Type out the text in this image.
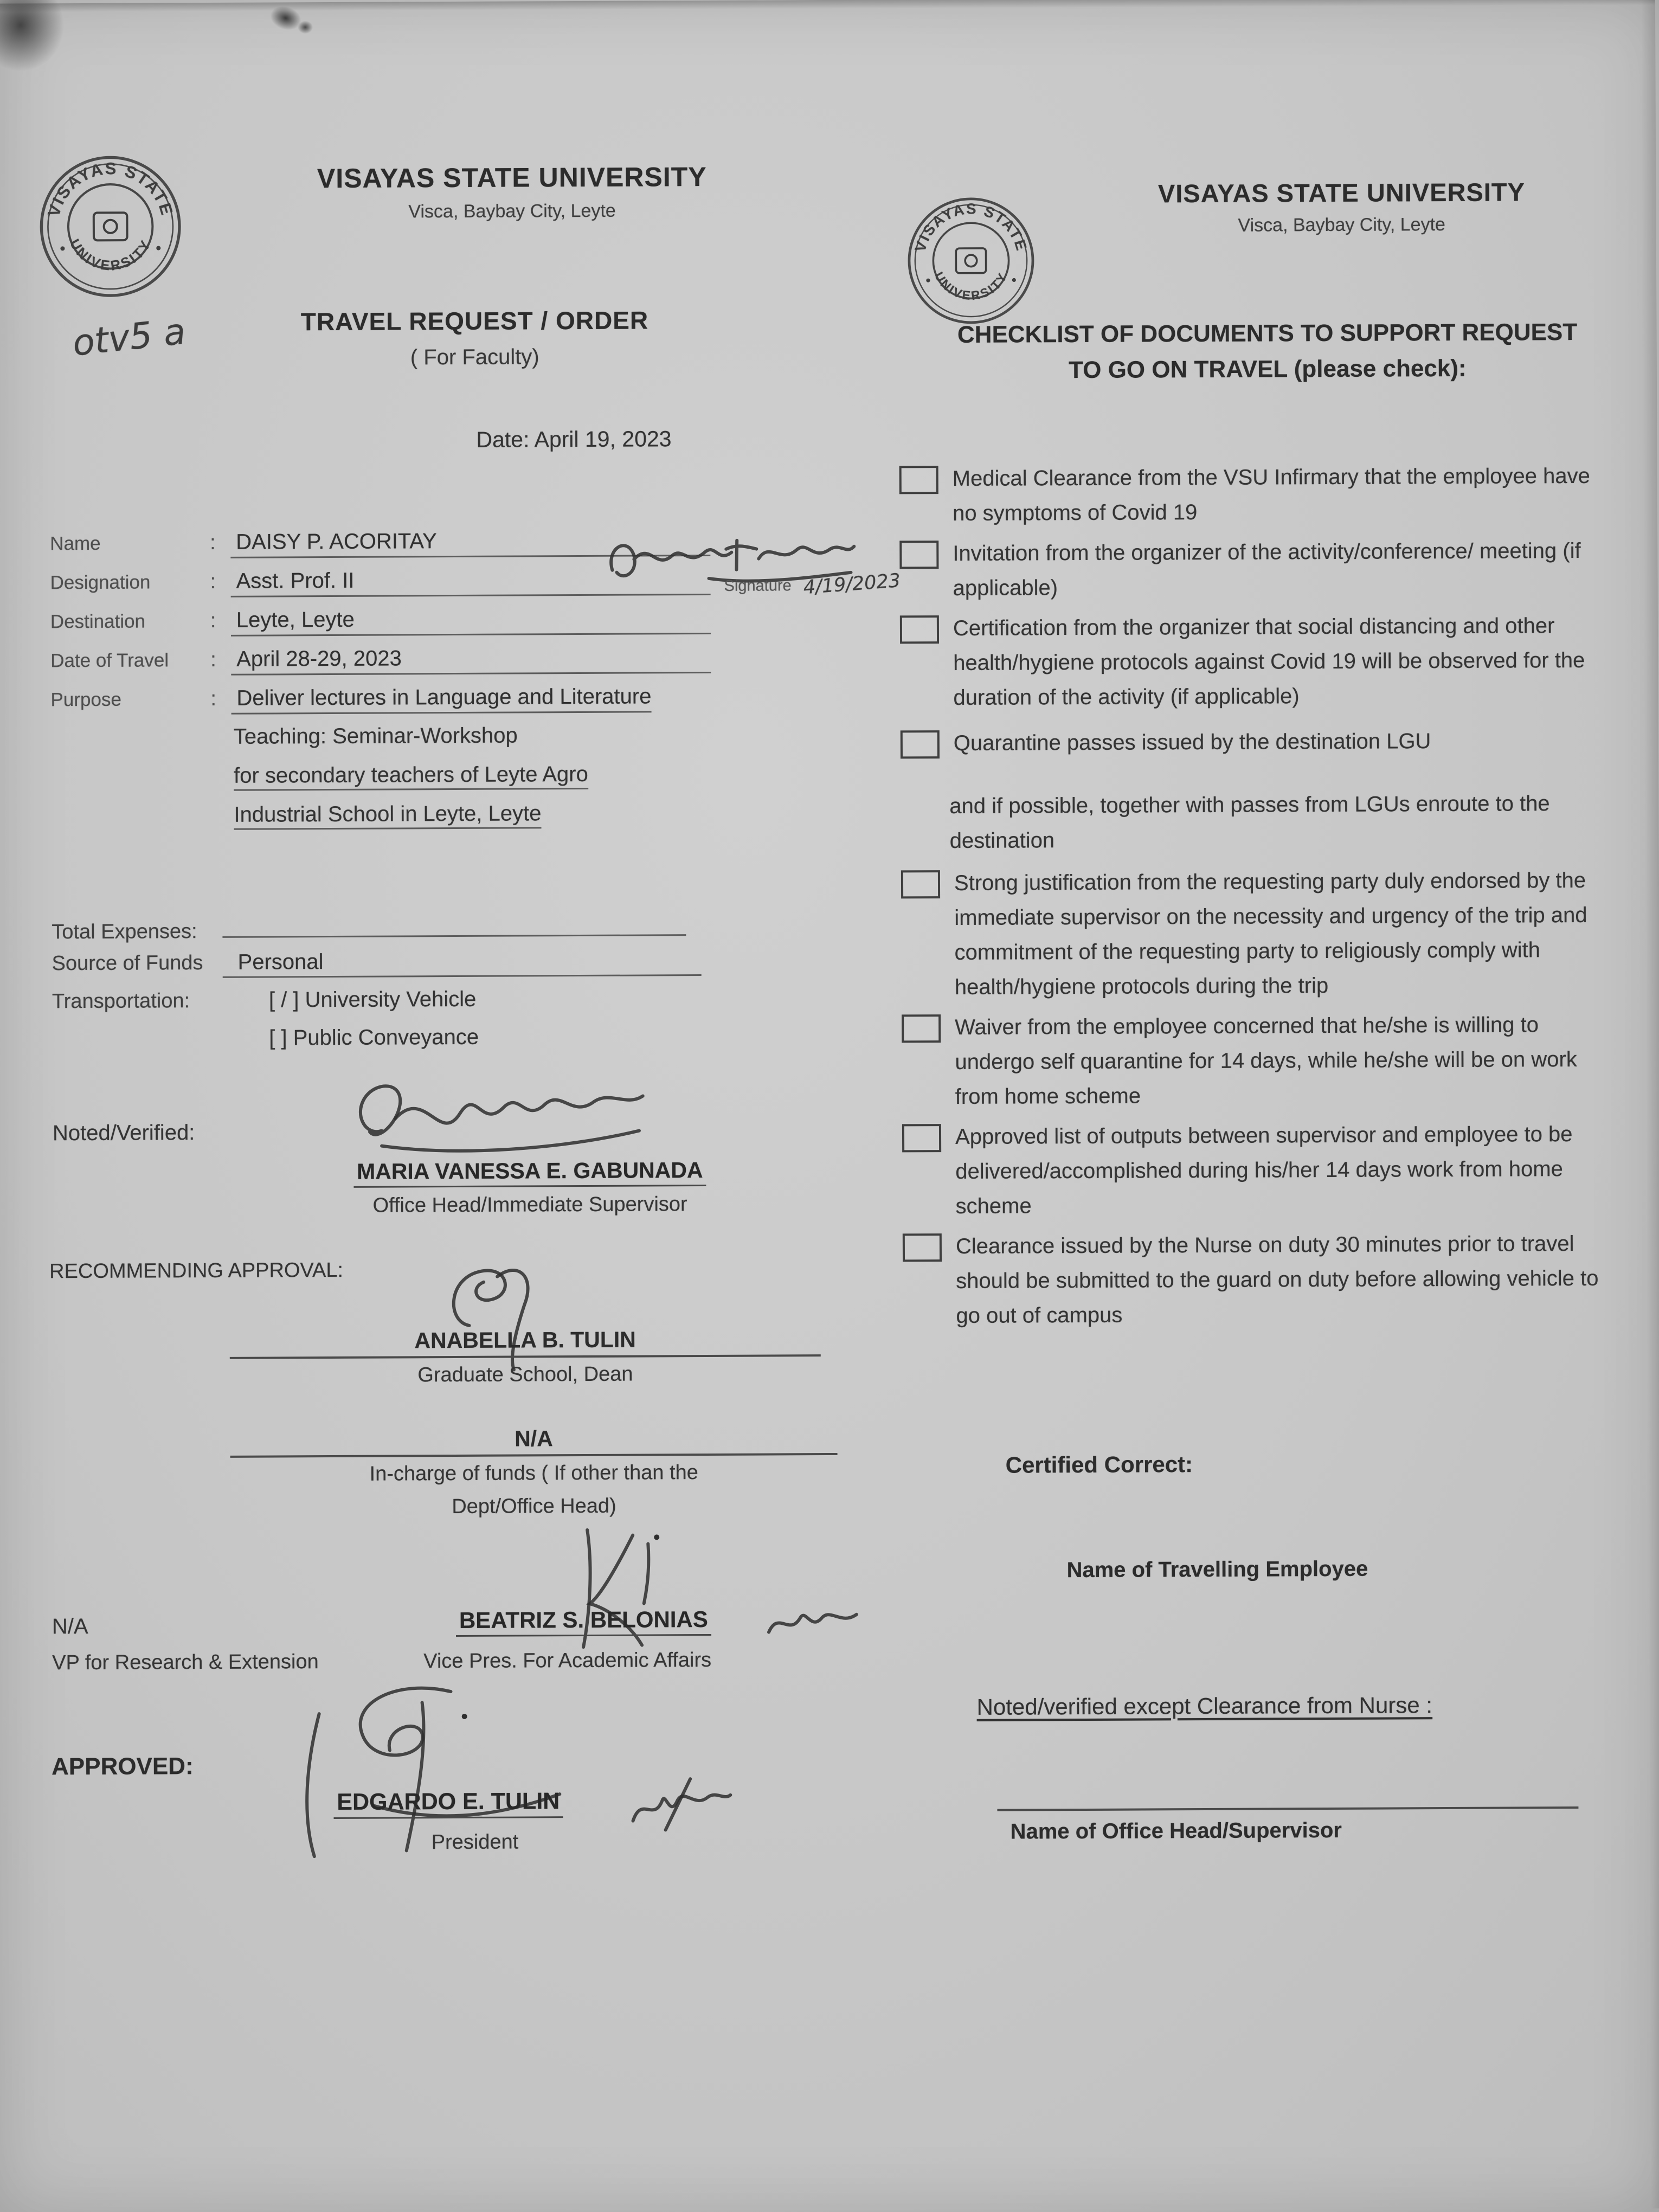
VISAYAS STATE
UNIVERSITY
VISAYAS STATE UNIVERSITY
Visca, Baybay City, Leyte
otv5 a	TRAVEL REQUEST / ORDER
( For Faculty)
Date: April 19, 2023
Name	: DAISY P. ACORITAY
Designation	: Asst. Prof. II
Destination	: Leyte, Leyte
Date of Travel	: April 28-29, 2023
Purpose	: Deliver lectures in Language and Literature
Signature 4/19/2023
Teaching: Seminar-Workshop
for secondary teachers of Leyte Agro
Industrial School in Leyte, Leyte
Total Expenses:
Source of Funds	Personal
Transportation:	[ / ] University Vehicle
[ ] Public Conveyance
Noted/Verified:
MARIA VANESSA E. GABUNADA
Office Head/Immediate Supervisor
RECOMMENDING APPROVAL:
ANABELLA B. TULIN
Graduate School, Dean
N/A
In-charge of funds ( If other than the
Dept/Office Head)
N/A	BEATRIZ S. BELONIAS
VP for Research & Extension	Vice Pres. For Academic Affairs
APPROVED:
EDGARDO E. TULIN
President
VISAYAS STATE
UNIVERSITY
VISAYAS STATE UNIVERSITY
Visca, Baybay City, Leyte
CHECKLIST OF DOCUMENTS TO SUPPORT REQUEST
TO GO ON TRAVEL (please check):
Medical Clearance from the VSU Infirmary that the employee have no symptoms of Covid 19
Invitation from the organizer of the activity/conference/ meeting (if applicable)
Certification from the organizer that social distancing and other health/hygiene protocols against Covid 19 will be observed for the duration of the activity (if applicable)
Quarantine passes issued by the destination LGU
and if possible, together with passes from LGUs enroute to the destination
Strong justification from the requesting party duly endorsed by the immediate supervisor on the necessity and urgency of the trip and commitment of the requesting party to religiously comply with health/hygiene protocols during the trip
Waiver from the employee concerned that he/she is willing to undergo self quarantine for 14 days, while he/she will be on work from home scheme
Approved list of outputs between supervisor and employee to be delivered/accomplished during his/her 14 days work from home scheme
Clearance issued by the Nurse on duty 30 minutes prior to travel should be submitted to the guard on duty before allowing vehicle to go out of campus
Certified Correct:
Name of Travelling Employee
Noted/verified except Clearance from Nurse :
Name of Office Head/Supervisor
